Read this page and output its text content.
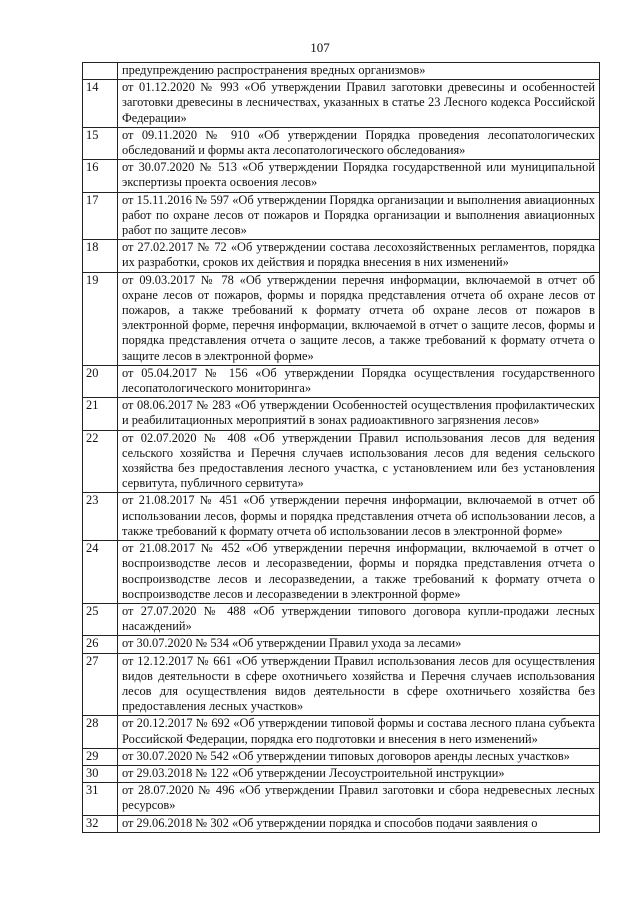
107
	предупреждению распространения вредных организмов»
14	от 01.12.2020 № 993 «Об утверждении Правил заготовки древесины и особенностей заготовки древесины в лесничествах, указанных в статье 23 Лесного кодекса Российской Федерации»
15	от 09.11.2020 № 910 «Об утверждении Порядка проведения лесопатологических обследований и формы акта лесопатологического обследования»
16	от 30.07.2020 № 513 «Об утверждении Порядка государственной или муниципальной экспертизы проекта освоения лесов»
17	от 15.11.2016 № 597 «Об утверждении Порядка организации и выполнения авиационных работ по охране лесов от пожаров и Порядка организации и выполнения авиационных работ по защите лесов»
18	от 27.02.2017 № 72 «Об утверждении состава лесохозяйственных регламентов, порядка их разработки, сроков их действия и порядка внесения в них изменений»
19	от 09.03.2017 № 78 «Об утверждении перечня информации, включаемой в отчет об охране лесов от пожаров, формы и порядка представления отчета об охране лесов от пожаров, а также требований к формату отчета об охране лесов от пожаров в электронной форме, перечня информации, включаемой в отчет о защите лесов, формы и порядка представления отчета о защите лесов, а также требований к формату отчета о защите лесов в электронной форме»
20	от 05.04.2017 № 156 «Об утверждении Порядка осуществления государственного лесопатологического мониторинга»
21	от 08.06.2017 № 283 «Об утверждении Особенностей осуществления профилактических и реабилитационных мероприятий в зонах радиоактивного загрязнения лесов»
22	от 02.07.2020 № 408 «Об утверждении Правил использования лесов для ведения сельского хозяйства и Перечня случаев использования лесов для ведения сельского хозяйства без предоставления лесного участка, с установлением или без установления сервитута, публичного сервитута»
23	от 21.08.2017 № 451 «Об утверждении перечня информации, включаемой в отчет об использовании лесов, формы и порядка представления отчета об использовании лесов, а также требований к формату отчета об использовании лесов в электронной форме»
24	от 21.08.2017 № 452 «Об утверждении перечня информации, включаемой в отчет о воспроизводстве лесов и лесоразведении, формы и порядка представления отчета о воспроизводстве лесов и лесоразведении, а также требований к формату отчета о воспроизводстве лесов и лесоразведении в электронной форме»
25	от 27.07.2020 № 488 «Об утверждении типового договора купли-продажи лесных насаждений»
26	от 30.07.2020 № 534 «Об утверждении Правил ухода за лесами»
27	от 12.12.2017 № 661 «Об утверждении Правил использования лесов для осуществления видов деятельности в сфере охотничьего хозяйства и Перечня случаев использования лесов для осуществления видов деятельности в сфере охотничьего хозяйства без предоставления лесных участков»
28	от 20.12.2017 № 692 «Об утверждении типовой формы и состава лесного плана субъекта Российской Федерации, порядка его подготовки и внесения в него изменений»
29	от 30.07.2020 № 542 «Об утверждении типовых договоров аренды лесных участков»
30	от 29.03.2018 № 122 «Об утверждении Лесоустроительной инструкции»
31	от 28.07.2020 № 496 «Об утверждении Правил заготовки и сбора недревесных лесных ресурсов»
32	от 29.06.2018 № 302 «Об утверждении порядка и способов подачи заявления о
